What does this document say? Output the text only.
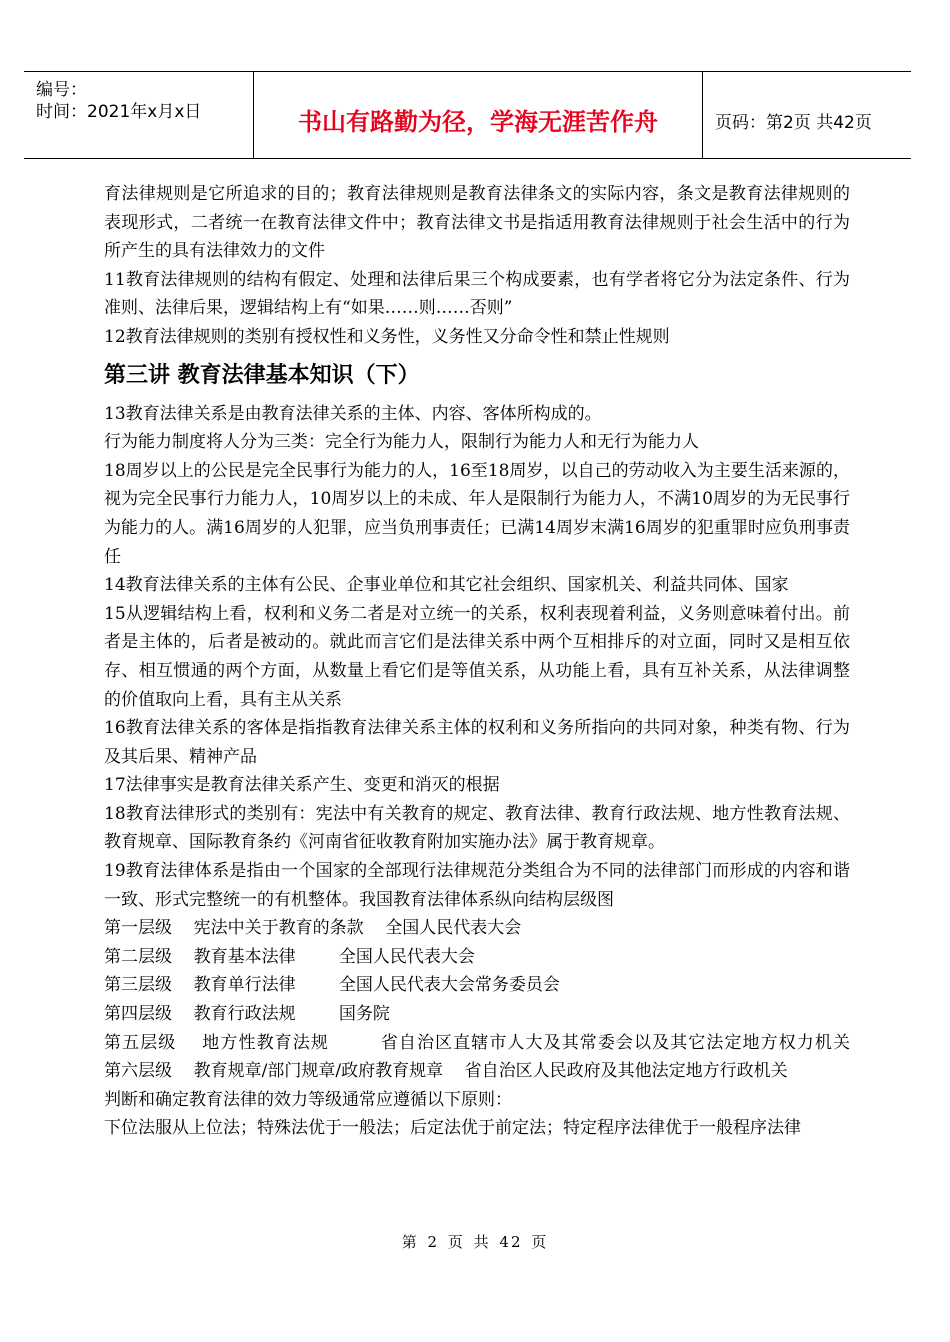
编号：
时间：2021年x月x日	书山有路勤为径，学海无涯苦作舟	页码：第2页 共42页

育法律规则是它所追求的目的；教育法律规则是教育法律条文的实际内容，条文是教育法律规则的表现形式，二者统一在教育法律文件中；教育法律文书是指适用教育法律规则于社会生活中的行为所产生的具有法律效力的文件

11教育法律规则的结构有假定、处理和法律后果三个构成要素，也有学者将它分为法定条件、行为准则、法律后果，逻辑结构上有“如果……则……否则”

12教育法律规则的类别有授权性和义务性，义务性又分命令性和禁止性规则

第三讲 教育法律基本知识（下）

13教育法律关系是由教育法律关系的主体、内容、客体所构成的。

行为能力制度将人分为三类：完全行为能力人，限制行为能力人和无行为能力人

18周岁以上的公民是完全民事行为能力的人，16至18周岁，以自己的劳动收入为主要生活来源的，视为完全民事行力能力人，10周岁以上的未成、年人是限制行为能力人，不满10周岁的为无民事行为能力的人。满16周岁的人犯罪，应当负刑事责任；已满14周岁末满16周岁的犯重罪时应负刑事责任

14教育法律关系的主体有公民、企事业单位和其它社会组织、国家机关、利益共同体、国家

15从逻辑结构上看，权利和义务二者是对立统一的关系，权利表现着利益，义务则意味着付出。前者是主体的，后者是被动的。就此而言它们是法律关系中两个互相排斥的对立面，同时又是相互依存、相互惯通的两个方面，从数量上看它们是等值关系，从功能上看，具有互补关系，从法律调整的价值取向上看，具有主从关系

16教育法律关系的客体是指指教育法律关系主体的权利和义务所指向的共同对象，种类有物、行为及其后果、精神产品

17法律事实是教育法律关系产生、变更和消灭的根据

18教育法律形式的类别有：宪法中有关教育的规定、教育法律、教育行政法规、地方性教育法规、教育规章、国际教育条约《河南省征收教育附加实施办法》属于教育规章。

19教育法律体系是指由一个国家的全部现行法律规范分类组合为不同的法律部门而形成的内容和谐一致、形式完整统一的有机整体。我国教育法律体系纵向结构层级图

第一层级    宪法中关于教育的条款    全国人民代表大会

第二层级    教育基本法律        全国人民代表大会

第三层级    教育单行法律        全国人民代表大会常务委员会

第四层级    教育行政法规        国务院

第五层级    地方性教育法规        省自治区直辖市人大及其常委会以及其它法定地方权力机关              第六层级    教育规章/部门规章/政府教育规章    省自治区人民政府及其他法定地方行政机关

判断和确定教育法律的效力等级通常应遵循以下原则：

下位法服从上位法；特殊法优于一般法；后定法优于前定法；特定程序法律优于一般程序法律

第 2 页 共 42 页
